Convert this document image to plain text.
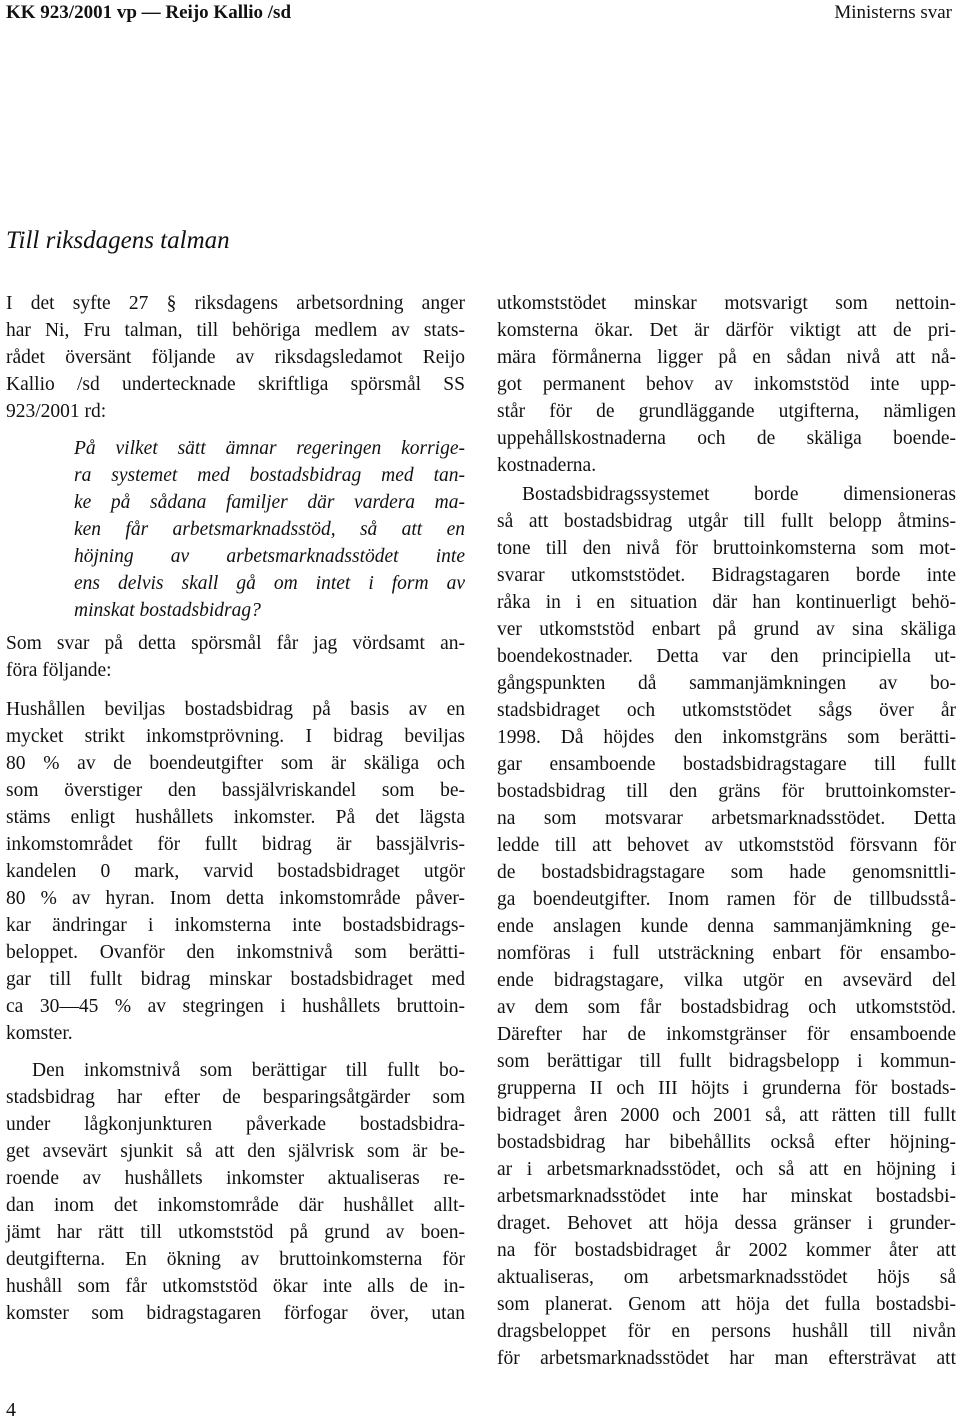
KK 923/2001 vp — Reijo Kallio /sd	Ministerns svar
Till riksdagens talman

I det syfte 27 § riksdagens arbetsordning anger

har Ni, Fru talman, till behöriga medlem av stats-

rådet översänt följande av riksdagsledamot Reijo

Kallio /sd undertecknade skriftliga spörsmål SS

923/2001 rd:

På vilket sätt ämnar regeringen korrige-

ra systemet med bostadsbidrag med tan-

ke på sådana familjer där vardera ma-

ken får arbetsmarknadsstöd, så att en

höjning av arbetsmarknadsstödet inte

ens delvis skall gå om intet i form av

minskat bostadsbidrag?

Som svar på detta spörsmål får jag vördsamt an-

föra följande:

Hushållen beviljas bostadsbidrag på basis av en

mycket strikt inkomstprövning. I bidrag beviljas

80 % av de boendeutgifter som är skäliga och

som överstiger den bassjälvriskandel som be-

stäms enligt hushållets inkomster. På det lägsta

inkomstområdet för fullt bidrag är bassjälvris-

kandelen 0 mark, varvid bostadsbidraget utgör

80 % av hyran. Inom detta inkomstområde påver-

kar ändringar i inkomsterna inte bostadsbidrags-

beloppet. Ovanför den inkomstnivå som berätti-

gar till fullt bidrag minskar bostadsbidraget med

ca 30—45 % av stegringen i hushållets bruttoin-

komster.

Den inkomstnivå som berättigar till fullt bo-

stadsbidrag har efter de besparingsåtgärder som

under lågkonjunkturen påverkade bostadsbidra-

get avsevärt sjunkit så att den självrisk som är be-

roende av hushållets inkomster aktualiseras re-

dan inom det inkomstområde där hushållet allt-

jämt har rätt till utkomststöd på grund av boen-

deutgifterna. En ökning av bruttoinkomsterna för

hushåll som får utkomststöd ökar inte alls de in-

komster som bidragstagaren förfogar över, utan

utkomststödet minskar motsvarigt som nettoin-

komsterna ökar. Det är därför viktigt att de pri-

mära förmånerna ligger på en sådan nivå att nå-

got permanent behov av inkomststöd inte upp-

står för de grundläggande utgifterna, nämligen

uppehållskostnaderna och de skäliga boende-

kostnaderna.

Bostadsbidragssystemet borde dimensioneras

så att bostadsbidrag utgår till fullt belopp åtmins-

tone till den nivå för bruttoinkomsterna som mot-

svarar utkomststödet. Bidragstagaren borde inte

råka in i en situation där han kontinuerligt behö-

ver utkomststöd enbart på grund av sina skäliga

boendekostnader. Detta var den principiella ut-

gångspunkten då sammanjämkningen av bo-

stadsbidraget och utkomststödet sågs över år

1998. Då höjdes den inkomstgräns som berätti-

gar ensamboende bostadsbidragstagare till fullt

bostadsbidrag till den gräns för bruttoinkomster-

na som motsvarar arbetsmarknadsstödet. Detta

ledde till att behovet av utkomststöd försvann för

de bostadsbidragstagare som hade genomsnittli-

ga boendeutgifter. Inom ramen för de tillbudsstå-

ende anslagen kunde denna sammanjämkning ge-

nomföras i full utsträckning enbart för ensambo-

ende bidragstagare, vilka utgör en avsevärd del

av dem som får bostadsbidrag och utkomststöd.

Därefter har de inkomstgränser för ensamboende

som berättigar till fullt bidragsbelopp i kommun-

grupperna II och III höjts i grunderna för bostads-

bidraget åren 2000 och 2001 så, att rätten till fullt

bostadsbidrag har bibehållits också efter höjning-

ar i arbetsmarknadsstödet, och så att en höjning i

arbetsmarknadsstödet inte har minskat bostadsbi-

draget. Behovet att höja dessa gränser i grunder-

na för bostadsbidraget år 2002 kommer åter att

aktualiseras, om arbetsmarknadsstödet höjs så

som planerat. Genom att höja det fulla bostadsbi-

dragsbeloppet för en persons hushåll till nivån

för arbetsmarknadsstödet har man eftersträvat att

4
